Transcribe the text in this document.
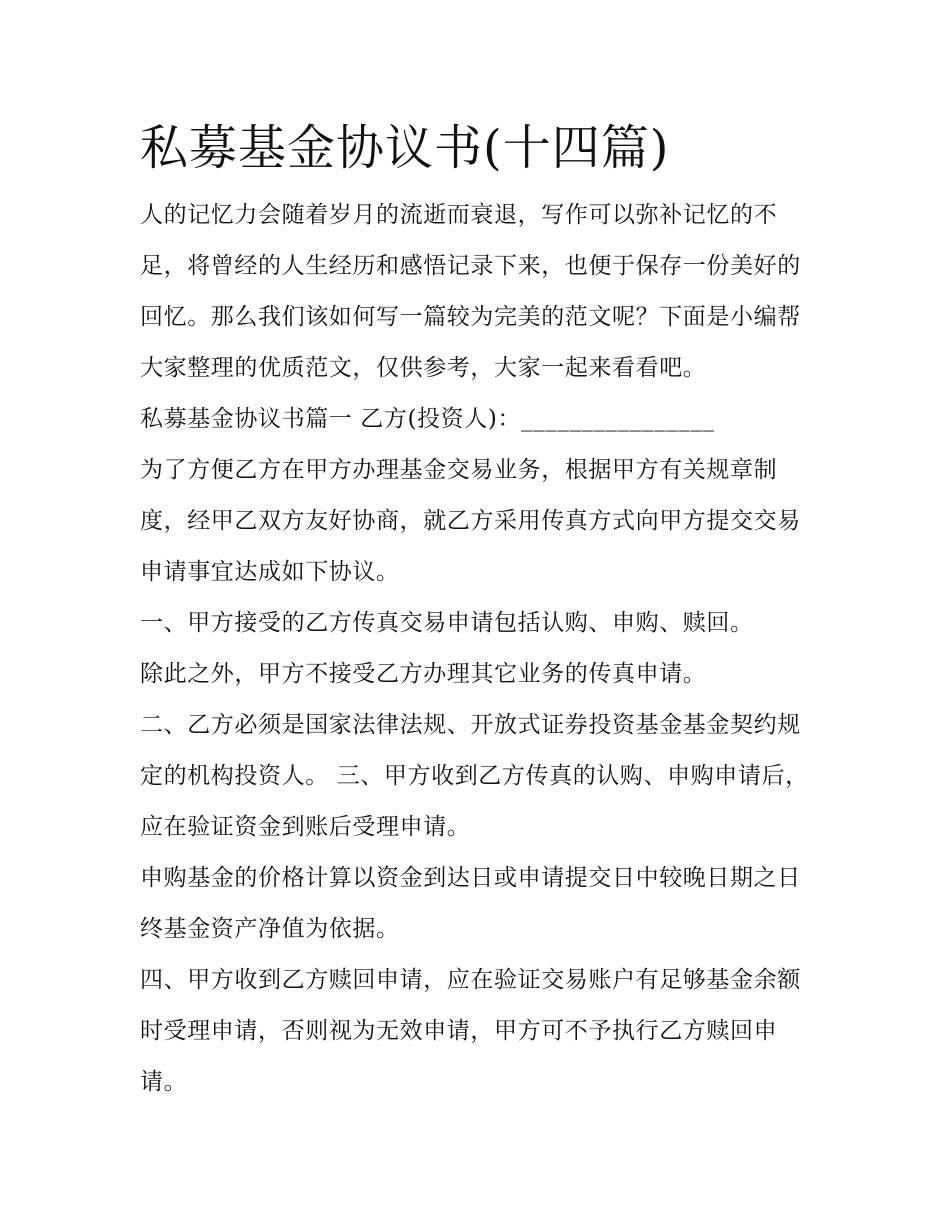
私募基金协议书(十四篇)

人的记忆力会随着岁月的流逝而衰退，写作可以弥补记忆的不足，将曾经的人生经历和感悟记录下来，也便于保存一份美好的回忆。那么我们该如何写一篇较为完美的范文呢？下面是小编帮大家整理的优质范文，仅供参考，大家一起来看看吧。

私募基金协议书篇一 乙方(投资人)：________________

为了方便乙方在甲方办理基金交易业务，根据甲方有关规章制度，经甲乙双方友好协商，就乙方采用传真方式向甲方提交交易申请事宜达成如下协议。

一、甲方接受的乙方传真交易申请包括认购、申购、赎回。

除此之外，甲方不接受乙方办理其它业务的传真申请。

二、乙方必须是国家法律法规、开放式证券投资基金基金契约规定的机构投资人。 三、甲方收到乙方传真的认购、申购申请后，应在验证资金到账后受理申请。

申购基金的价格计算以资金到达日或申请提交日中较晚日期之日终基金资产净值为依据。

四、甲方收到乙方赎回申请，应在验证交易账户有足够基金余额时受理申请，否则视为无效申请，甲方可不予执行乙方赎回申请。
